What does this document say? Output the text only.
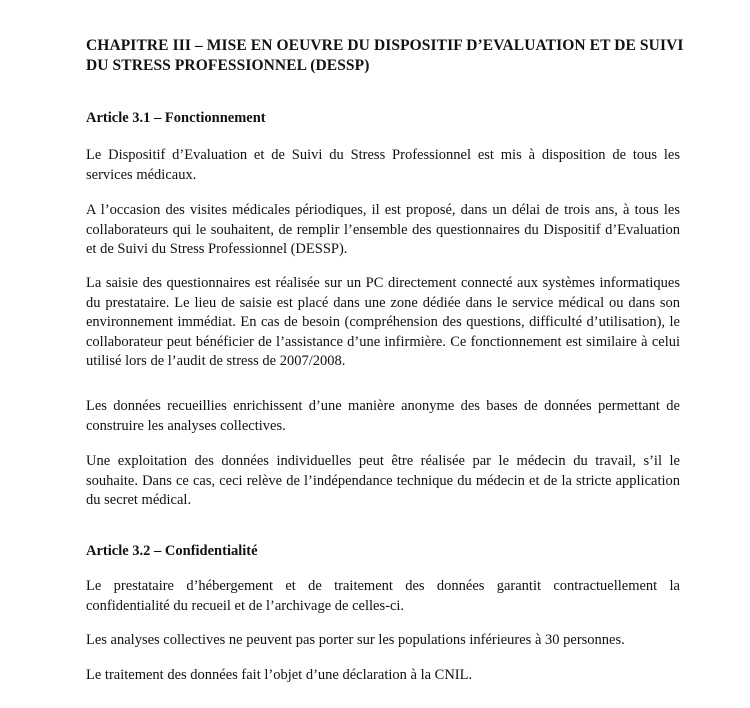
CHAPITRE III – MISE EN OEUVRE DU DISPOSITIF D’EVALUATION ET DE SUIVI DU STRESS PROFESSIONNEL (DESSP)
Article 3.1 – Fonctionnement

Le Dispositif d’Evaluation et de Suivi du Stress Professionnel est mis à disposition de tous les services médicaux.

A l’occasion des visites médicales périodiques, il est proposé, dans un délai de trois ans, à tous les collaborateurs qui le souhaitent, de remplir l’ensemble des questionnaires du Dispositif d’Evaluation et de Suivi du Stress Professionnel (DESSP).

La saisie des questionnaires est réalisée sur un PC directement connecté aux systèmes informatiques du prestataire. Le lieu de saisie est placé dans une zone dédiée dans le service médical ou dans son environnement immédiat. En cas de besoin (compréhension des questions, difficulté d’utilisation), le collaborateur peut bénéficier de l’assistance d’une infirmière. Ce fonctionnement est similaire à celui utilisé lors de l’audit de stress de 2007/2008.

Les données recueillies enrichissent d’une manière anonyme des bases de données permettant de construire les analyses collectives.

Une exploitation des données individuelles peut être réalisée par le médecin du travail, s’il le souhaite. Dans ce cas, ceci relève de l’indépendance technique du médecin et de la stricte application du secret médical.

Article 3.2 – Confidentialité

Le prestataire d’hébergement et de traitement des données garantit contractuellement la confidentialité du recueil et de l’archivage de celles-ci.

Les analyses collectives ne peuvent pas porter sur les populations inférieures à 30 personnes.

Le traitement des données fait l’objet d’une déclaration à la CNIL.
